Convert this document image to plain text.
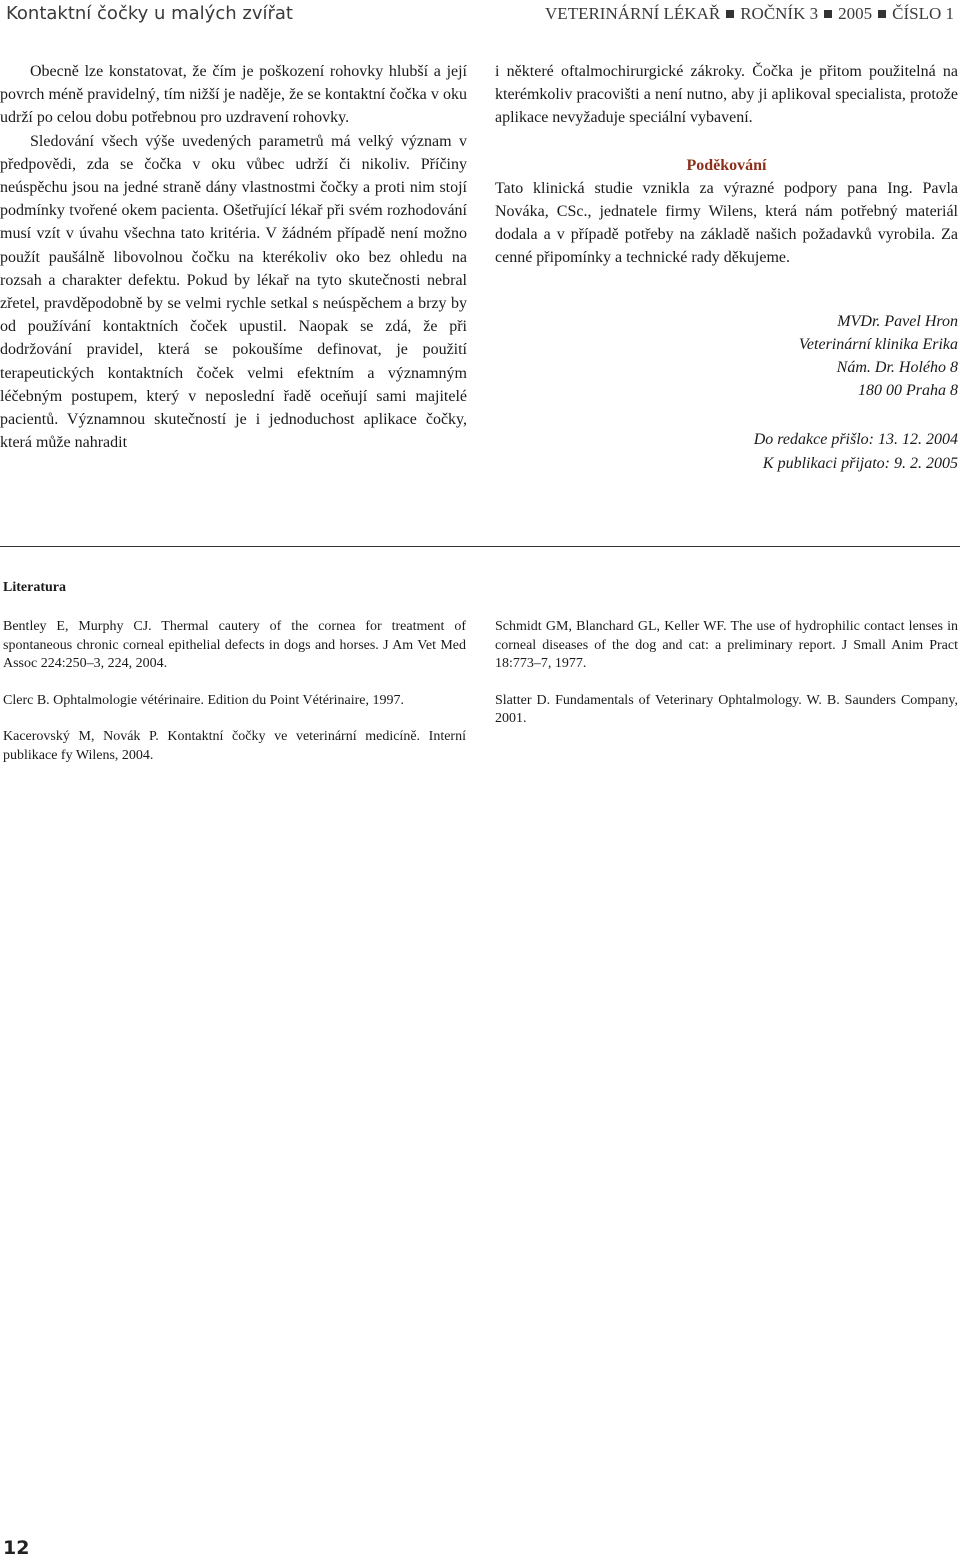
Kontaktní čočky u malých zvířat	VETERINÁRNÍ LÉKAŘ ROČNÍK 3 2005 ČÍSLO 1

Obecně lze konstatovat, že čím je poškození rohovky hlubší a její povrch méně pravidelný, tím nižší je naděje, že se kontaktní čočka v oku udrží po celou dobu potřebnou pro uzdravení rohovky.

Sledování všech výše uvedených parametrů má velký význam v předpovědi, zda se čočka v oku vůbec udrží či nikoliv. Příčiny neúspěchu jsou na jedné straně dány vlastnostmi čočky a proti nim stojí podmínky tvořené okem pacienta. Ošetřující lékař při svém rozhodování musí vzít v úvahu všechna tato kritéria. V žádném případě není možno použít paušálně libovolnou čočku na kterékoliv oko bez ohledu na rozsah a charakter defektu. Pokud by lékař na tyto skutečnosti nebral zřetel, pravděpodobně by se velmi rychle setkal s neúspěchem a brzy by od používání kontaktních čoček upustil. Naopak se zdá, že při dodržování pravidel, která se pokoušíme definovat, je použití terapeutických kontaktních čoček velmi efektním a významným léčebným postupem, který v neposlední řadě oceňují sami majitelé pacientů. Významnou skutečností je i jednoduchost aplikace čočky, která může nahradit

i některé oftalmochirurgické zákroky. Čočka je přitom použitelná na kterémkoliv pracovišti a není nutno, aby ji aplikoval specialista, protože aplikace nevyžaduje speciální vybavení.

Poděkování

Tato klinická studie vznikla za výrazné podpory pana Ing. Pavla Nováka, CSc., jednatele firmy Wilens, která nám potřebný materiál dodala a v případě potřeby na základě našich požadavků vyrobila. Za cenné připomínky a technické rady děkujeme.

MVDr. Pavel Hron
Veterinární klinika Erika
Nám. Dr. Holého 8
180 00 Praha 8
Do redakce přišlo: 13. 12. 2004
K publikaci přijato: 9. 2. 2005
Literatura

Bentley E, Murphy CJ. Thermal cautery of the cornea for treatment of spontaneous chronic corneal epithelial defects in dogs and horses. J Am Vet Med Assoc 224:250–3, 224, 2004.

Clerc B. Ophtalmologie vétérinaire. Edition du Point Vétérinaire, 1997.

Kacerovský M, Novák P. Kontaktní čočky ve veterinární medicíně. Interní publikace fy Wilens, 2004.

Schmidt GM, Blanchard GL, Keller WF. The use of hydrophilic contact lenses in corneal diseases of the dog and cat: a preliminary report. J Small Anim Pract 18:773–7, 1977.

Slatter D. Fundamentals of Veterinary Ophtalmology. W. B. Saunders Company, 2001.

12
